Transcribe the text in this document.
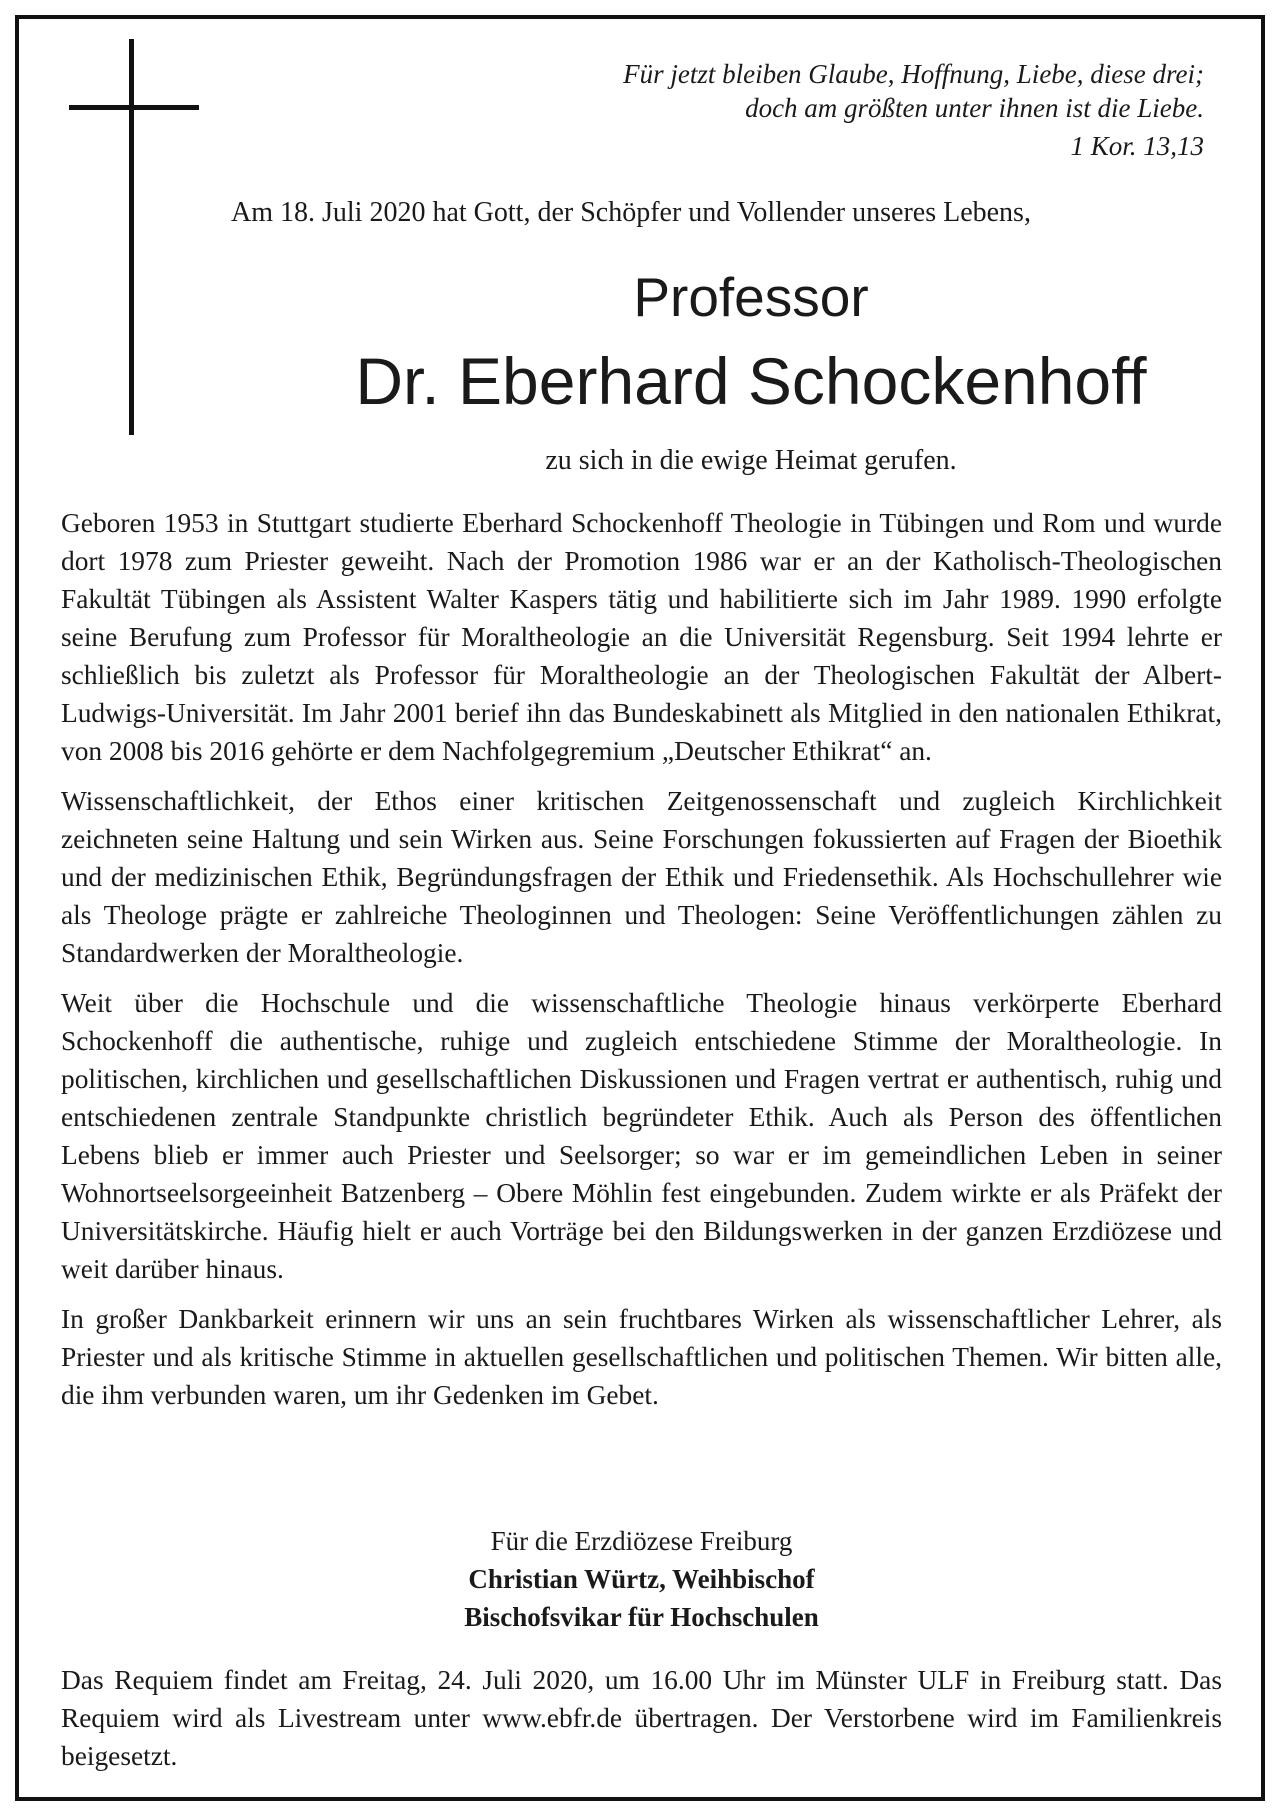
Für jetzt bleiben Glaube, Hoffnung, Liebe, diese drei;
doch am größten unter ihnen ist die Liebe.
1 Kor. 13,13
Am 18. Juli 2020 hat Gott, der Schöpfer und Vollender unseres Lebens,
Professor
Dr. Eberhard Schockenhoff
zu sich in die ewige Heimat gerufen.

Geboren 1953 in Stuttgart studierte Eberhard Schockenhoff Theologie in Tübingen und Rom und wurde dort 1978 zum Priester geweiht. Nach der Promotion 1986 war er an der Katholisch-Theologischen Fakultät Tübingen als Assistent Walter Kaspers tätig und habilitierte sich im Jahr 1989. 1990 erfolgte seine Berufung zum Professor für Moraltheologie an die Universität Regensburg. Seit 1994 lehrte er schließlich bis zuletzt als Professor für Moraltheologie an der Theologischen Fakultät der Albert-Ludwigs-Universität. Im Jahr 2001 berief ihn das Bundeskabinett als Mitglied in den nationalen Ethikrat, von 2008 bis 2016 gehörte er dem Nachfolgegremium „Deutscher Ethikrat“ an.

Wissenschaftlichkeit, der Ethos einer kritischen Zeitgenossenschaft und zugleich Kirchlichkeit zeichneten seine Haltung und sein Wirken aus. Seine Forschungen fokussierten auf Fragen der Bioethik und der medizinischen Ethik, Begründungsfragen der Ethik und Friedensethik. Als Hochschullehrer wie als Theologe prägte er zahlreiche Theologinnen und Theologen: Seine Veröffentlichungen zählen zu Standardwerken der Moraltheologie.

Weit über die Hochschule und die wissenschaftliche Theologie hinaus verkörperte Eberhard Schockenhoff die authentische, ruhige und zugleich entschiedene Stimme der Moraltheologie. In politischen, kirchlichen und gesellschaftlichen Diskussionen und Fragen vertrat er authentisch, ruhig und entschiedenen zentrale Standpunkte christlich begründeter Ethik. Auch als Person des öffentlichen Lebens blieb er immer auch Priester und Seelsorger; so war er im gemeindlichen Leben in seiner Wohnortseelsorgeeinheit Batzenberg – Obere Möhlin fest eingebunden. Zudem wirkte er als Präfekt der Universitätskirche. Häufig hielt er auch Vorträge bei den Bildungswerken in der ganzen Erzdiözese und weit darüber hinaus.

In großer Dankbarkeit erinnern wir uns an sein fruchtbares Wirken als wissenschaftlicher Lehrer, als Priester und als kritische Stimme in aktuellen gesellschaftlichen und politischen Themen. Wir bitten alle, die ihm verbunden waren, um ihr Gedenken im Gebet.

Für die Erzdiözese Freiburg
Christian Würtz, Weihbischof
Bischofsvikar für Hochschulen
Das Requiem findet am Freitag, 24. Juli 2020, um 16.00 Uhr im Münster ULF in Freiburg statt. Das Requiem wird als Livestream unter www.ebfr.de übertragen. Der Verstorbene wird im Familienkreis beigesetzt.
